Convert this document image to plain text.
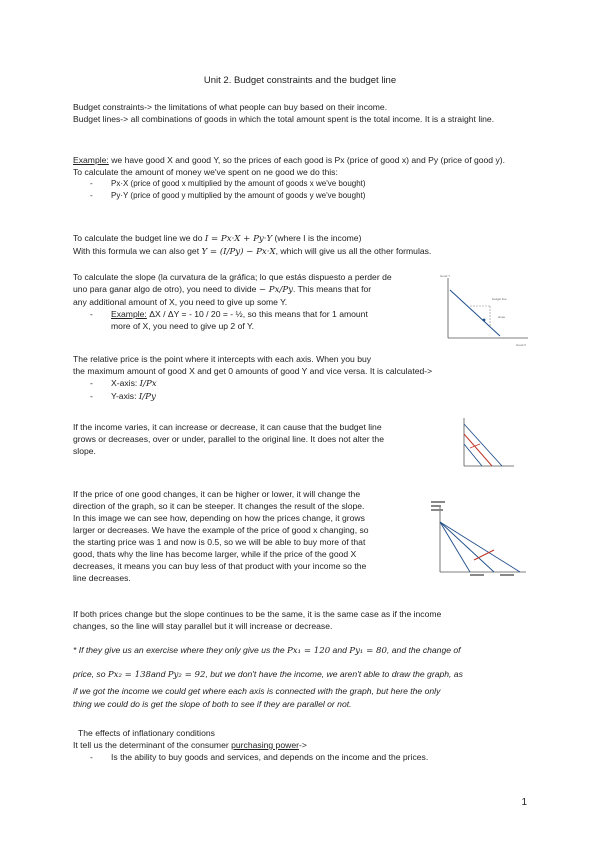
Unit 2. Budget constraints and the budget line

Budget constraints-> the limitations of what people can buy based on their income.

Budget lines-> all combinations of goods in which the total amount spent is the total income. It is a straight line.

Example: we have good X and good Y, so the prices of each good is Px (price of good x) and Py (price of good y).

To calculate the amount of money we've spent on ne good we do this:

- Px·X (price of good x multiplied by the amount of goods x we've bought)
- Py·Y (price of good y multiplied by the amount of goods y we've bought)

To calculate the budget line we do I = Px·X + Py·Y (where I is the income)

With this formula we can also get Y = (I/Py) − Px·X, which will give us all the other formulas.

To calculate the slope (la curvatura de la gráfica; lo que estás dispuesto a perder de

uno para ganar algo de otro), you need to divide − Px/Py. This means that for

any additional amount of X, you need to give up some Y.

- Example: ΔX / ΔY = - 10 / 20 = - ½, so this means that for 1 amount
more of X, you need to give up 2 of Y.
Good Y
budget line
slope
Good X

The relative price is the point where it intercepts with each axis. When you buy

the maximum amount of good X and get 0 amounts of good Y and vice versa. It is calculated->

- X-axis: I/Px
- Y-axis: I/Py

If the income varies, it can increase or decrease, it can cause that the budget line

grows or decreases, over or under, parallel to the original line. It does not alter the

slope.

If the price of one good changes, it can be higher or lower, it will change the

direction of the graph, so it can be steeper. It changes the result of the slope.

In this image we can see how, depending on how the prices change, it grows

larger or decreases. We have the example of the price of good x changing, so

the starting price was 1 and now is 0.5, so we will be able to buy more of that

good, thats why the line has become larger, while if the price of the good X

decreases, it means you can buy less of that product with your income so the

line decreases.

If both prices change but the slope continues to be the same, it is the same case as if the income

changes, so the line will stay parallel but it will increase or decrease.

* If they give us an exercise where they only give us the Px₁ = 120 and Py₁ = 80, and the change of

price, so Px₂ = 138and Py₂ = 92, but we don't have the income, we aren't able to draw the graph, as

if we got the income we could get where each axis is connected with the graph, but here the only

thing we could do is get the slope of both to see if they are parallel or not.

The effects of inflationary conditions

It tell us the determinant of the consumer purchasing power->

- Is the ability to buy goods and services, and depends on the income and the prices.
1
